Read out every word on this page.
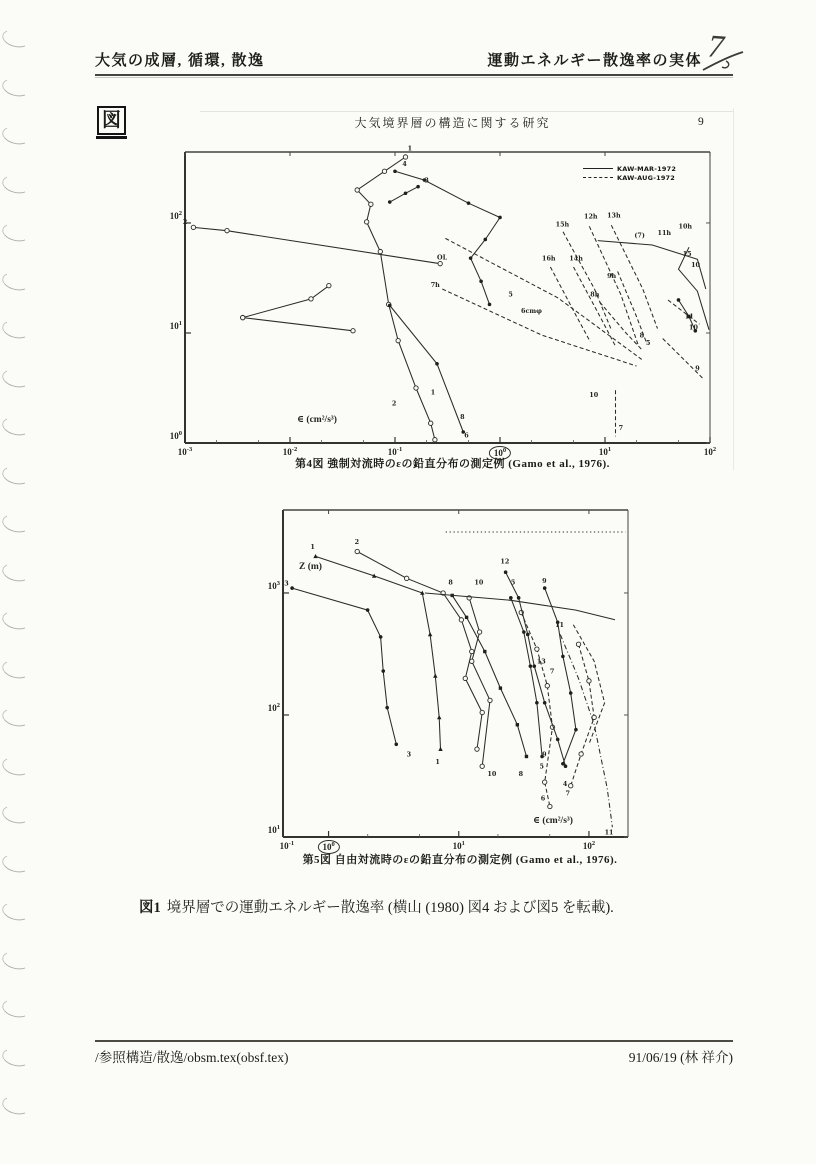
大気の成層, 循環, 散逸	運動エネルギー散逸率の実体 7
図	大気境界層の構造に関する研究	9
KAW-MAR-1972
KAW-AUG-1972
∈ (cm²/s³)
2
1
4
3
5
6cmφ
OL
7h
12h 13h
(7) 11h
10h
15h
16h 14h
9h
8h
15
10
11
10
9
8
5
10
7
8
6
2
1
$10^{-3}$	$10^{-2}$	$10^{-1}$	$10^0$	$10^1$	$10^2$
$10^0$
$10^1$
$10^2$
第4図 強制対流時のεの鉛直分布の測定例 (Gamo et al., 1976).
Z (m)
∈ (cm²/s³)
1
2
3	8	10	5	9
12
11
13
7
3
1
10	8
9
5
6
4
7
11
$10^{-1}$	$10^0$	$10^1$	$10^2$
$10^1$
$10^2$
$10^3$
第5図 自由対流時のεの鉛直分布の測定例 (Gamo et al., 1976).
図1 境界層での運動エネルギー散逸率 (横山 (1980) 図4 および図5 を転載).
/参照構造/散逸/obsm.tex(obsf.tex)	91/06/19 (林 祥介)
